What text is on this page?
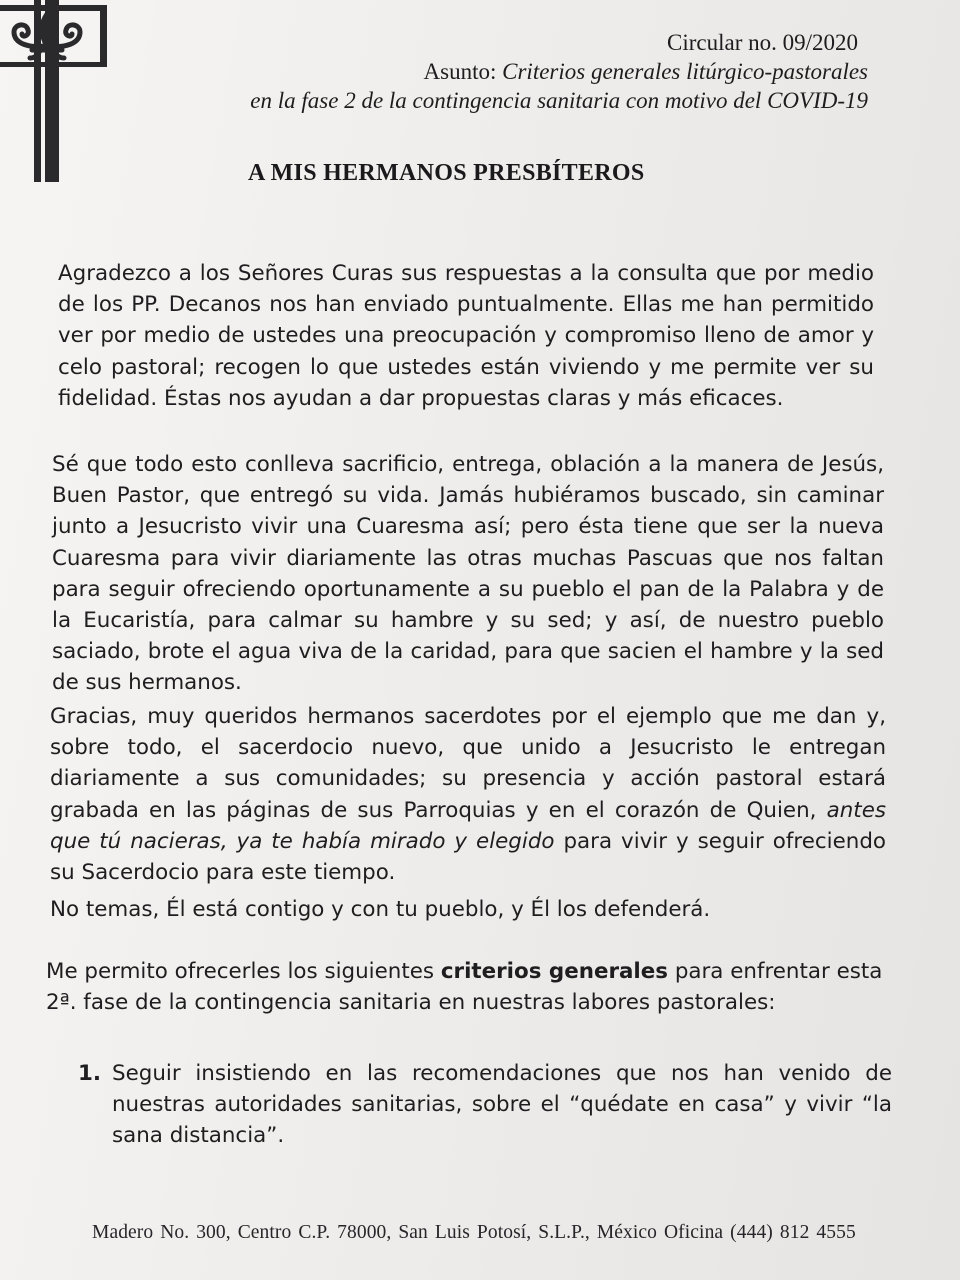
Circular no. 09/2020
Asunto: Criterios generales litúrgico-pastorales
en la fase 2 de la contingencia sanitaria con motivo del COVID-19
A MIS HERMANOS PRESBÍTEROS
Agradezco a los Señores Curas sus respuestas a la consulta que por medio de los PP. Decanos nos han enviado puntualmente. Ellas me han permitido ver por medio de ustedes una preocupación y compromiso lleno de amor y celo pastoral; recogen lo que ustedes están viviendo y me permite ver su fidelidad. Éstas nos ayudan a dar propuestas claras y más eficaces.
Sé que todo esto conlleva sacrificio, entrega, oblación a la manera de Jesús, Buen Pastor, que entregó su vida. Jamás hubiéramos buscado, sin caminar junto a Jesucristo vivir una Cuaresma así; pero ésta tiene que ser la nueva Cuaresma para vivir diariamente las otras muchas Pascuas que nos faltan para seguir ofreciendo oportunamente a su pueblo el pan de la Palabra y de la Eucaristía, para calmar su hambre y su sed; y así, de nuestro pueblo saciado, brote el agua viva de la caridad, para que sacien el hambre y la sed de sus hermanos.
Gracias, muy queridos hermanos sacerdotes por el ejemplo que me dan y, sobre todo, el sacerdocio nuevo, que unido a Jesucristo le entregan diariamente a sus comunidades; su presencia y acción pastoral estará grabada en las páginas de sus Parroquias y en el corazón de Quien, antes que tú nacieras, ya te había mirado y elegido para vivir y seguir ofreciendo su Sacerdocio para este tiempo.
No temas, Él está contigo y con tu pueblo, y Él los defenderá.
Me permito ofrecerles los siguientes criterios generales para enfrentar esta 2ª. fase de la contingencia sanitaria en nuestras labores pastorales:
1. Seguir insistiendo en las recomendaciones que nos han venido de nuestras autoridades sanitarias, sobre el “quédate en casa” y vivir “la sana distancia”.
Madero No. 300, Centro C.P. 78000, San Luis Potosí, S.L.P., México Oficina (444) 812 4555
